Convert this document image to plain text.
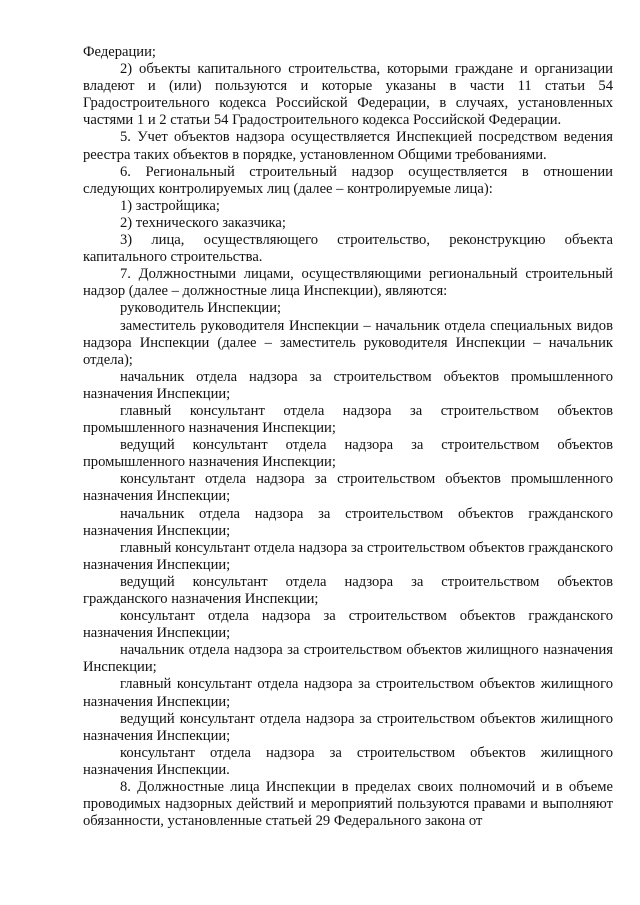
Федерации;

2) объекты капитального строительства, которыми граждане и организации владеют и (или) пользуются и которые указаны в части 11 статьи 54 Градостроительного кодекса Российской Федерации, в случаях, установленных частями 1 и 2 статьи 54 Градостроительного кодекса Российской Федерации.

5. Учет объектов надзора осуществляется Инспекцией посредством ведения реестра таких объектов в порядке, установленном Общими требованиями.

6. Региональный строительный надзор осуществляется в отношении следующих контролируемых лиц (далее – контролируемые лица):

1) застройщика;

2) технического заказчика;

3) лица, осуществляющего строительство, реконструкцию объекта капитального строительства.

7. Должностными лицами, осуществляющими региональный строительный надзор (далее – должностные лица Инспекции), являются:

руководитель Инспекции;

заместитель руководителя Инспекции – начальник отдела специальных видов надзора Инспекции (далее – заместитель руководителя Инспекции – начальник отдела);

начальник отдела надзора за строительством объектов промышленного назначения Инспекции;

главный консультант отдела надзора за строительством объектов промышленного назначения Инспекции;

ведущий консультант отдела надзора за строительством объектов промышленного назначения Инспекции;

консультант отдела надзора за строительством объектов промышленного назначения Инспекции;

начальник отдела надзора за строительством объектов гражданского назначения Инспекции;

главный консультант отдела надзора за строительством объектов гражданского назначения Инспекции;

ведущий консультант отдела надзора за строительством объектов гражданского назначения Инспекции;

консультант отдела надзора за строительством объектов гражданского назначения Инспекции;

начальник отдела надзора за строительством объектов жилищного назначения Инспекции;

главный консультант отдела надзора за строительством объектов жилищного назначения Инспекции;

ведущий консультант отдела надзора за строительством объектов жилищного назначения Инспекции;

консультант отдела надзора за строительством объектов жилищного назначения Инспекции.

8. Должностные лица Инспекции в пределах своих полномочий и в объеме проводимых надзорных действий и мероприятий пользуются правами и выполняют обязанности, установленные статьей 29 Федерального закона от
